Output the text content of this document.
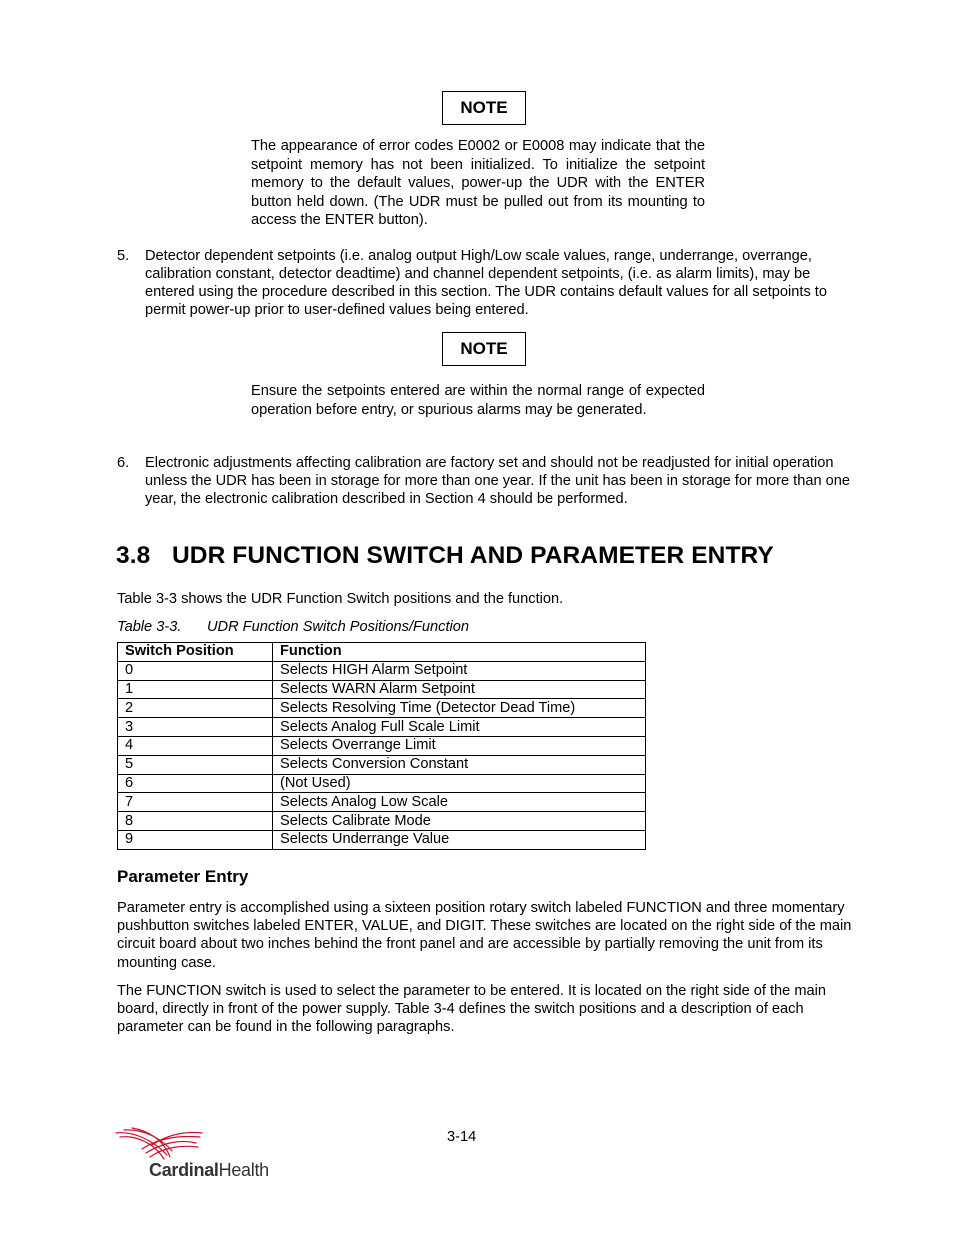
NOTE
The appearance of error codes E0002 or E0008 may indicate that the setpoint memory has not been initialized. To initialize the setpoint memory to the default values, power-up the UDR with the ENTER button held down. (The UDR must be pulled out from its mounting to access the ENTER button).
5. Detector dependent setpoints (i.e. analog output High/Low scale values, range, underrange, overrange, calibration constant, detector deadtime) and channel dependent setpoints, (i.e. as alarm limits), may be entered using the procedure described in this section. The UDR contains default values for all setpoints to permit power-up prior to user-defined values being entered.
NOTE
Ensure the setpoints entered are within the normal range of expected operation before entry, or spurious alarms may be generated.
6. Electronic adjustments affecting calibration are factory set and should not be readjusted for initial operation unless the UDR has been in storage for more than one year. If the unit has been in storage for more than one year, the electronic calibration described in Section 4 should be performed.
3.8 UDR FUNCTION SWITCH AND PARAMETER ENTRY
Table 3-3 shows the UDR Function Switch positions and the function.
Table 3-3. UDR Function Switch Positions/Function
Switch Position	Function
0	Selects HIGH Alarm Setpoint
1	Selects WARN Alarm Setpoint
2	Selects Resolving Time (Detector Dead Time)
3	Selects Analog Full Scale Limit
4	Selects Overrange Limit
5	Selects Conversion Constant
6	(Not Used)
7	Selects Analog Low Scale
8	Selects Calibrate Mode
9	Selects Underrange Value
Parameter Entry
Parameter entry is accomplished using a sixteen position rotary switch labeled FUNCTION and three momentary pushbutton switches labeled ENTER, VALUE, and DIGIT. These switches are located on the right side of the main circuit board about two inches behind the front panel and are accessible by partially removing the unit from its mounting case.
The FUNCTION switch is used to select the parameter to be entered. It is located on the right side of the main board, directly in front of the power supply. Table 3-4 defines the switch positions and a description of each parameter can be found in the following paragraphs.
3-14
CardinalHealth
